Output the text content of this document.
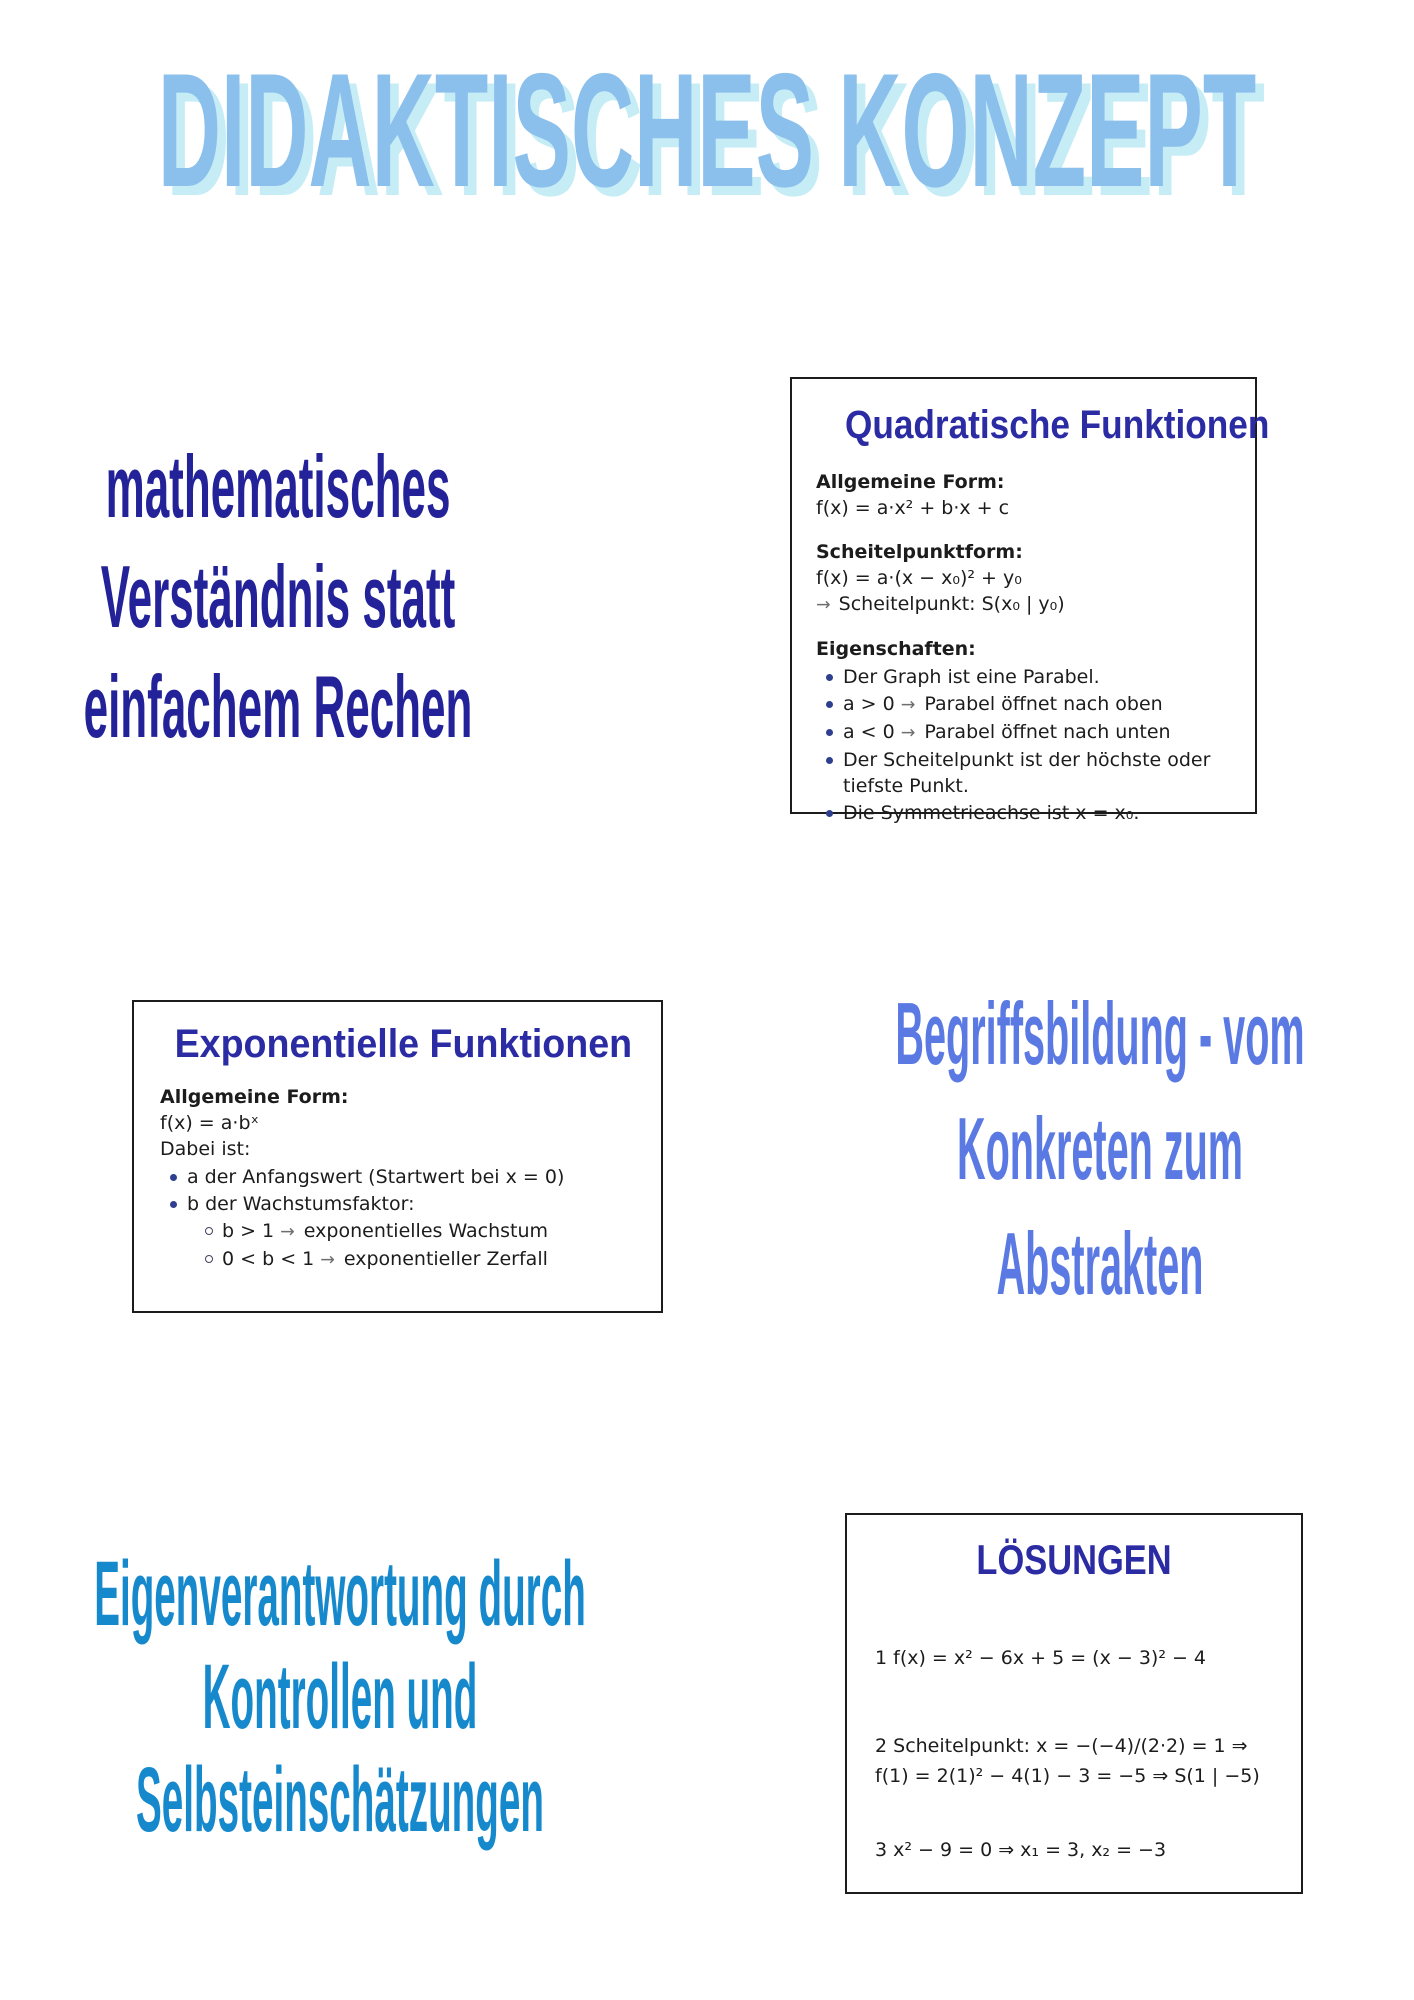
DIDAKTISCHES KONZEPT
mathematisches
Verständnis statt
einfachem Rechen
Quadratische Funktionen

Allgemeine Form:

f(x) = a·x² + b·x + c

Scheitelpunktform:

f(x) = a·(x − x₀)² + y₀

→ Scheitelpunkt: S(x₀ | y₀)

Eigenschaften:

Der Graph ist eine Parabel.
a > 0 → Parabel öffnet nach oben
a < 0 → Parabel öffnet nach unten
Der Scheitelpunkt ist der höchste oder tiefste Punkt.
Die Symmetrieachse ist x = x₀.
Begriffsbildung - vom
Konkreten zum
Abstrakten
Exponentielle Funktionen

Allgemeine Form:

f(x) = a·bˣ

Dabei ist:

a der Anfangswert (Startwert bei x = 0)
b der Wachstumsfaktor:
b > 1 → exponentielles Wachstum
0 < b < 1 → exponentieller Zerfall
Eigenverantwortung durch
Kontrollen und
Selbsteinschätzungen
LÖSUNGEN

1 f(x) = x² − 6x + 5 = (x − 3)² − 4

2 Scheitelpunkt: x = −(−4)/(2·2) = 1 ⇒ f(1) = 2(1)² − 4(1) − 3 = −5 ⇒ S(1 | −5)

3 x² − 9 = 0 ⇒ x₁ = 3, x₂ = −3
